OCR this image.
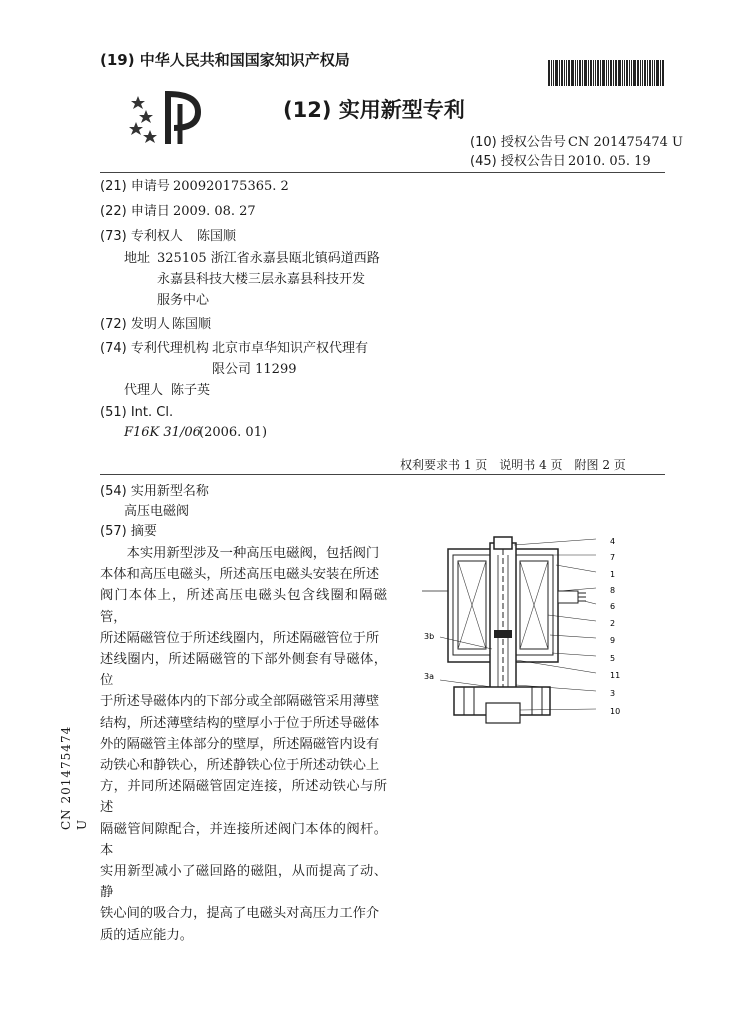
(19) 中华人民共和国国家知识产权局
(12) 实用新型专利
(10) 授权公告号 CN 201475474 U
(45) 授权公告日 2010. 05. 19
(21) 申请号 200920175365. 2
(22) 申请日 2009. 08. 27
(73) 专利权人 陈国顺
地址 325105 浙江省永嘉县瓯北镇码道西路
永嘉县科技大楼三层永嘉县科技开发
服务中心
(72) 发明人 陈国顺
(74) 专利代理机构 北京市卓华知识产权代理有
限公司 11299
代理人 陈子英
(51) Int. Cl.
F16K 31/06
(2006. 01)
权利要求书 1 页　说明书 4 页　附图 2 页
(54) 实用新型名称
高压电磁阀
(57) 摘要

本实用新型涉及一种高压电磁阀，包括阀门

本体和高压电磁头，所述高压电磁头安装在所述

阀门本体上，所述高压电磁头包含线圈和隔磁管，

所述隔磁管位于所述线圈内，所述隔磁管位于所

述线圈内，所述隔磁管的下部外侧套有导磁体，位

于所述导磁体内的下部分或全部隔磁管采用薄壁

结构，所述薄壁结构的壁厚小于位于所述导磁体

外的隔磁管主体部分的壁厚，所述隔磁管内设有

动铁心和静铁心，所述静铁心位于所述动铁心上

方，并同所述隔磁管固定连接，所述动铁心与所述

隔磁管间隙配合，并连接所述阀门本体的阀杆。本

实用新型减小了磁回路的磁阻，从而提高了动、静

铁心间的吸合力，提高了电磁头对高压力工作介

质的适应能力。

4
7
1
8
6
2
9
5
11
3
10
3b
3a
CN 201475474 U
